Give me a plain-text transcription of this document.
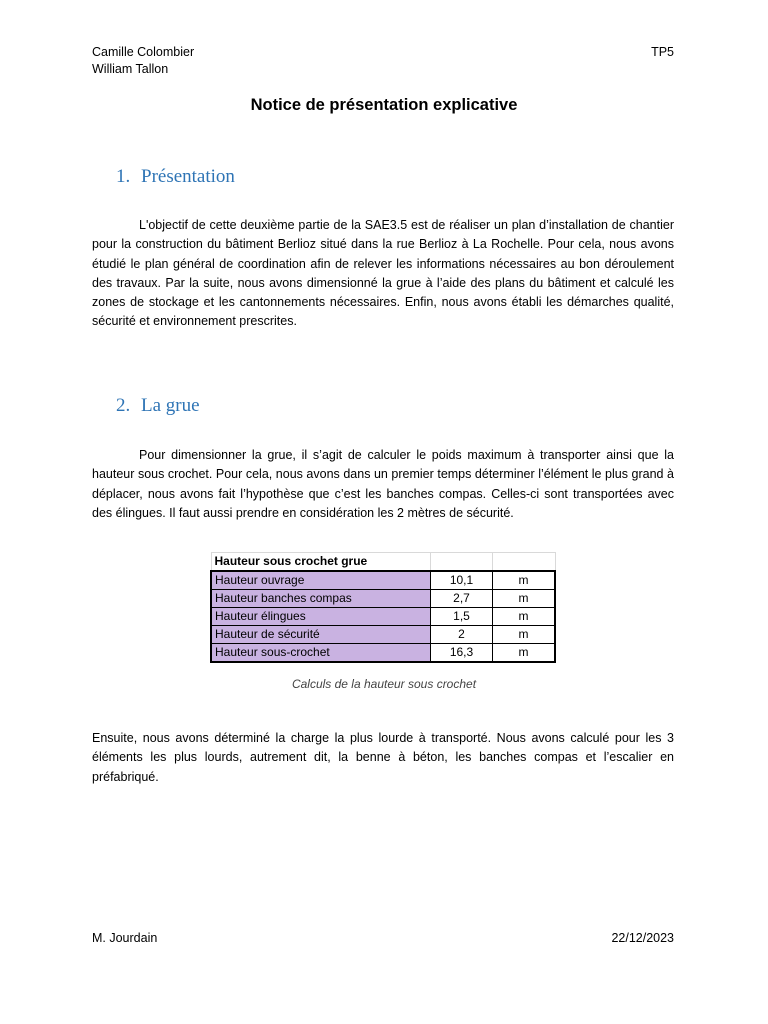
Camille Colombier
William Tallon
TP5
Notice de présentation explicative
1. Présentation

L'objectif de cette deuxième partie de la SAE3.5 est de réaliser un plan d’installation de chantier pour la construction du bâtiment Berlioz situé dans la rue Berlioz à La Rochelle. Pour cela, nous avons étudié le plan général de coordination afin de relever les informations nécessaires au bon déroulement des travaux. Par la suite, nous avons dimensionné la grue à l’aide des plans du bâtiment et calculé les zones de stockage et les cantonnements nécessaires. Enfin, nous avons établi les démarches qualité, sécurité et environnement prescrites.

2. La grue

Pour dimensionner la grue, il s’agit de calculer le poids maximum à transporter ainsi que la hauteur sous crochet. Pour cela, nous avons dans un premier temps déterminer l’élément le plus grand à déplacer, nous avons fait l’hypothèse que c’est les banches compas. Celles-ci sont transportées avec des élingues. Il faut aussi prendre en considération les 2 mètres de sécurité.

Hauteur sous crochet grue		
Hauteur ouvrage	10,1	m
Hauteur banches compas	2,7	m
Hauteur élingues	1,5	m
Hauteur de sécurité	2	m
Hauteur sous-crochet	16,3	m
Calculs de la hauteur sous crochet

Ensuite, nous avons déterminé la charge la plus lourde à transporté. Nous avons calculé pour les 3 éléments les plus lourds, autrement dit, la benne à béton, les banches compas et l’escalier en préfabriqué.

M. Jourdain	22/12/2023
